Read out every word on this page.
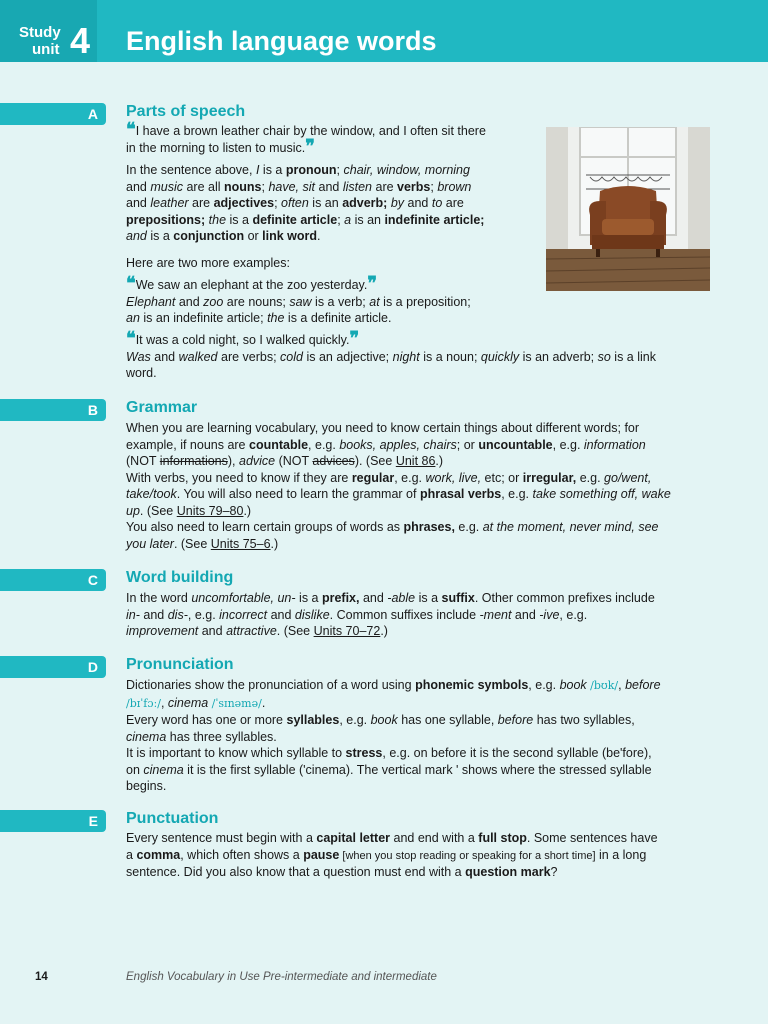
Study
unit 4 English language words
A Parts of speech
❝I have a brown leather chair by the window, and I often sit there
in the morning to listen to music.❞
In the sentence above, I is a pronoun; chair, window, morning
and music are all nouns; have, sit and listen are verbs; brown
and leather are adjectives; often is an adverb; by and to are
prepositions; the is a definite article; a is an indefinite article;
and is a conjunction or link word.
Here are two more examples:
❝We saw an elephant at the zoo yesterday.❞
Elephant and zoo are nouns; saw is a verb; at is a preposition;
an is an indefinite article; the is a definite article.
❝It was a cold night, so I walked quickly.❞
Was and walked are verbs; cold is an adjective; night is a noun; quickly is an adverb; so is a link word.
B Grammar
When you are learning vocabulary, you need to know certain things about different words; for example, if nouns are countable, e.g. books, apples, chairs; or uncountable, e.g. information (NOT informations), advice (NOT advices). (See Unit 86.)
With verbs, you need to know if they are regular, e.g. work, live, etc; or irregular, e.g. go/went, take/took. You will also need to learn the grammar of phrasal verbs, e.g. take something off, wake up. (See Units 79–80.)
You also need to learn certain groups of words as phrases, e.g. at the moment, never mind, see you later. (See Units 75–6.)
C Word building
In the word uncomfortable, un- is a prefix, and -able is a suffix. Other common prefixes include in- and dis-, e.g. incorrect and dislike. Common suffixes include -ment and -ive, e.g. improvement and attractive. (See Units 70–72.)
D Pronunciation
Dictionaries show the pronunciation of a word using phonemic symbols, e.g. book /bʊk/, before /bɪˈfɔː/, cinema /ˈsɪnəmə/.
Every word has one or more syllables, e.g. book has one syllable, before has two syllables, cinema has three syllables.
It is important to know which syllable to stress, e.g. on before it is the second syllable (be'fore), on cinema it is the first syllable ('cinema). The vertical mark ' shows where the stressed syllable begins.
E Punctuation
Every sentence must begin with a capital letter and end with a full stop. Some sentences have a comma, which often shows a pause [when you stop reading or speaking for a short time] in a long sentence. Did you also know that a question must end with a question mark?
14	English Vocabulary in Use Pre-intermediate and intermediate
